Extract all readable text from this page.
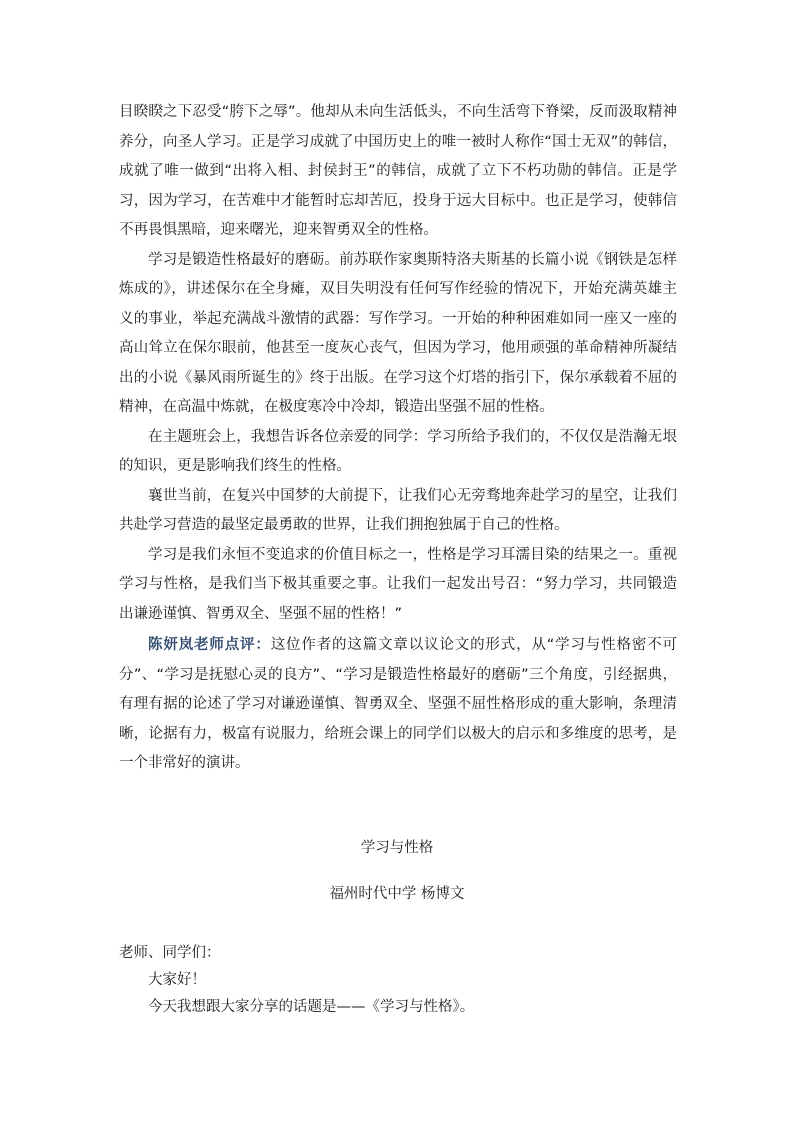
目睽睽之下忍受“胯下之辱”。他却从未向生活低头，不向生活弯下脊梁，反而汲取精神养分，向圣人学习。正是学习成就了中国历史上的唯一被时人称作“国士无双”的韩信，成就了唯一做到“出将入相、封侯封王”的韩信，成就了立下不朽功勋的韩信。正是学习，因为学习，在苦难中才能暂时忘却苦厄，投身于远大目标中。也正是学习，使韩信不再畏惧黑暗，迎来曙光，迎来智勇双全的性格。

学习是锻造性格最好的磨砺。前苏联作家奥斯特洛夫斯基的长篇小说《钢铁是怎样炼成的》，讲述保尔在全身瘫，双目失明没有任何写作经验的情况下，开始充满英雄主义的事业，举起充满战斗激情的武器：写作学习。一开始的种种困难如同一座又一座的高山耸立在保尔眼前，他甚至一度灰心丧气，但因为学习，他用顽强的革命精神所凝结出的小说《暴风雨所诞生的》终于出版。在学习这个灯塔的指引下，保尔承载着不屈的精神，在高温中炼就，在极度寒冷中冷却，锻造出坚强不屈的性格。

在主题班会上，我想告诉各位亲爱的同学：学习所给予我们的，不仅仅是浩瀚无垠的知识，更是影响我们终生的性格。

襄世当前，在复兴中国梦的大前提下，让我们心无旁骛地奔赴学习的星空，让我们共赴学习营造的最坚定最勇敢的世界，让我们拥抱独属于自己的性格。

学习是我们永恒不变追求的价值目标之一，性格是学习耳濡目染的结果之一。重视学习与性格，是我们当下极其重要之事。让我们一起发出号召：“努力学习，共同锻造出谦逊谨慎、智勇双全、坚强不屈的性格！”

陈妍岚老师点评：这位作者的这篇文章以议论文的形式，从“学习与性格密不可分”、“学习是抚慰心灵的良方”、“学习是锻造性格最好的磨砺”三个角度，引经据典，有理有据的论述了学习对谦逊谨慎、智勇双全、坚强不屈性格形成的重大影响，条理清晰，论据有力，极富有说服力，给班会课上的同学们以极大的启示和多维度的思考，是一个非常好的演讲。
学习与性格
福州时代中学 杨博文
老师、同学们：
大家好！
今天我想跟大家分享的话题是——《学习与性格》。
